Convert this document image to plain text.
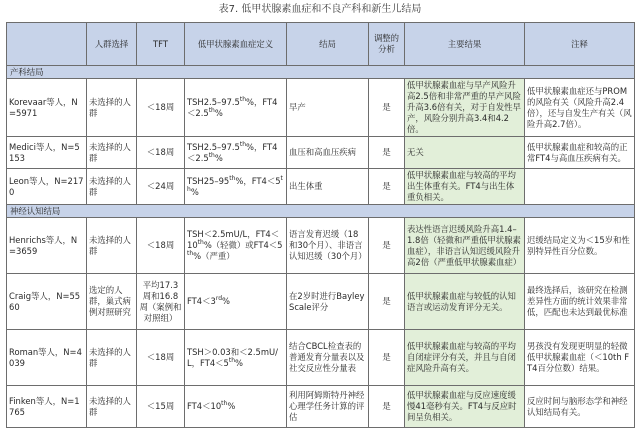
表7. 低甲状腺素血症和不良产科和新生儿结局
	人群选择	TFT	低甲状腺素血症定义	结局	调整的分析	主要结果	注释
产科结局							
Korevaar等人，N=5971	未选择的人群	＜18周	TSH2.5–97.5th%，FT4＜2.5th%	早产	是	低甲状腺素血症与早产风险升高2.5倍和非常严重的早产风险升高3.6倍有关，对于自发性早产，风险分别升高3.4和4.2倍。	低甲状腺素血症还与PROM的风险有关（风险升高2.4倍），还与自发生产有关（风险升高2.7倍）。
Medici等人，N=5153	未选择的人群	＜18周	TSH2.5–97.5th%，FT4＜2.5th%	血压和高血压疾病	是	无关	低甲状腺素血症和较高的正常FT4与高血压疾病有关。
Leon等人，N=2170	未选择的人群	＜24周	TSH25–95th%，FT4＜5th%	出生体重	是	低甲状腺素血症与较高的平均出生体重有关。FT4与出生体重负相关。	
神经认知结局							
Henrichs等人，N=3659	未选择的人群	＜18周	TSH＜2.5mU/L，FT4＜10th%（轻微）或FT4＜5th%（严重）	语言发育迟缓（18和30个月）、非语言认知迟缓（30个月）	是	表达性语言迟缓风险升高1.4–1.8倍（轻微和严重低甲状腺素血症），非语言认知迟缓风险升高2倍（严重低甲状腺素血症）	迟缓结局定义为＜15岁和性别特异性百分位数。
Craig等人，N=5560	选定的人群，巢式病例对照研究	平均17.3周和16.8周（案例和对照组）	FT4＜3rd%	在2岁时进行Bayley Scale评分	是	低甲状腺素血症与较低的认知语言或运动发育评分无关。	最终选择后，该研究在检测差异性方面的统计效果非常低，匹配也未达到最优标准
Roman等人，N=4039	未选择的人群	＜18周	TSH＞0.03和＜2.5mU/L，FT4＜5th%	结合CBCL检查表的普通发育分量表以及社交反应性分量表	是	低甲状腺素血症与较高的平均自闭症评分有关，并且与自闭症风险升高有关。	男孩没有发现更明显的轻微低甲状腺素血症（＜10th FT4百分位数）结果。
Finken等人，N=1765	未选择的人群	＜15周	FT4＜10th%	利用阿姆斯特丹神经心理学任务计算的评估	是	低甲状腺素血症与反应速度缓慢41毫秒有关。FT4与反应时间呈负相关。	反应时间与脑形态学和神经认知结局有关。
